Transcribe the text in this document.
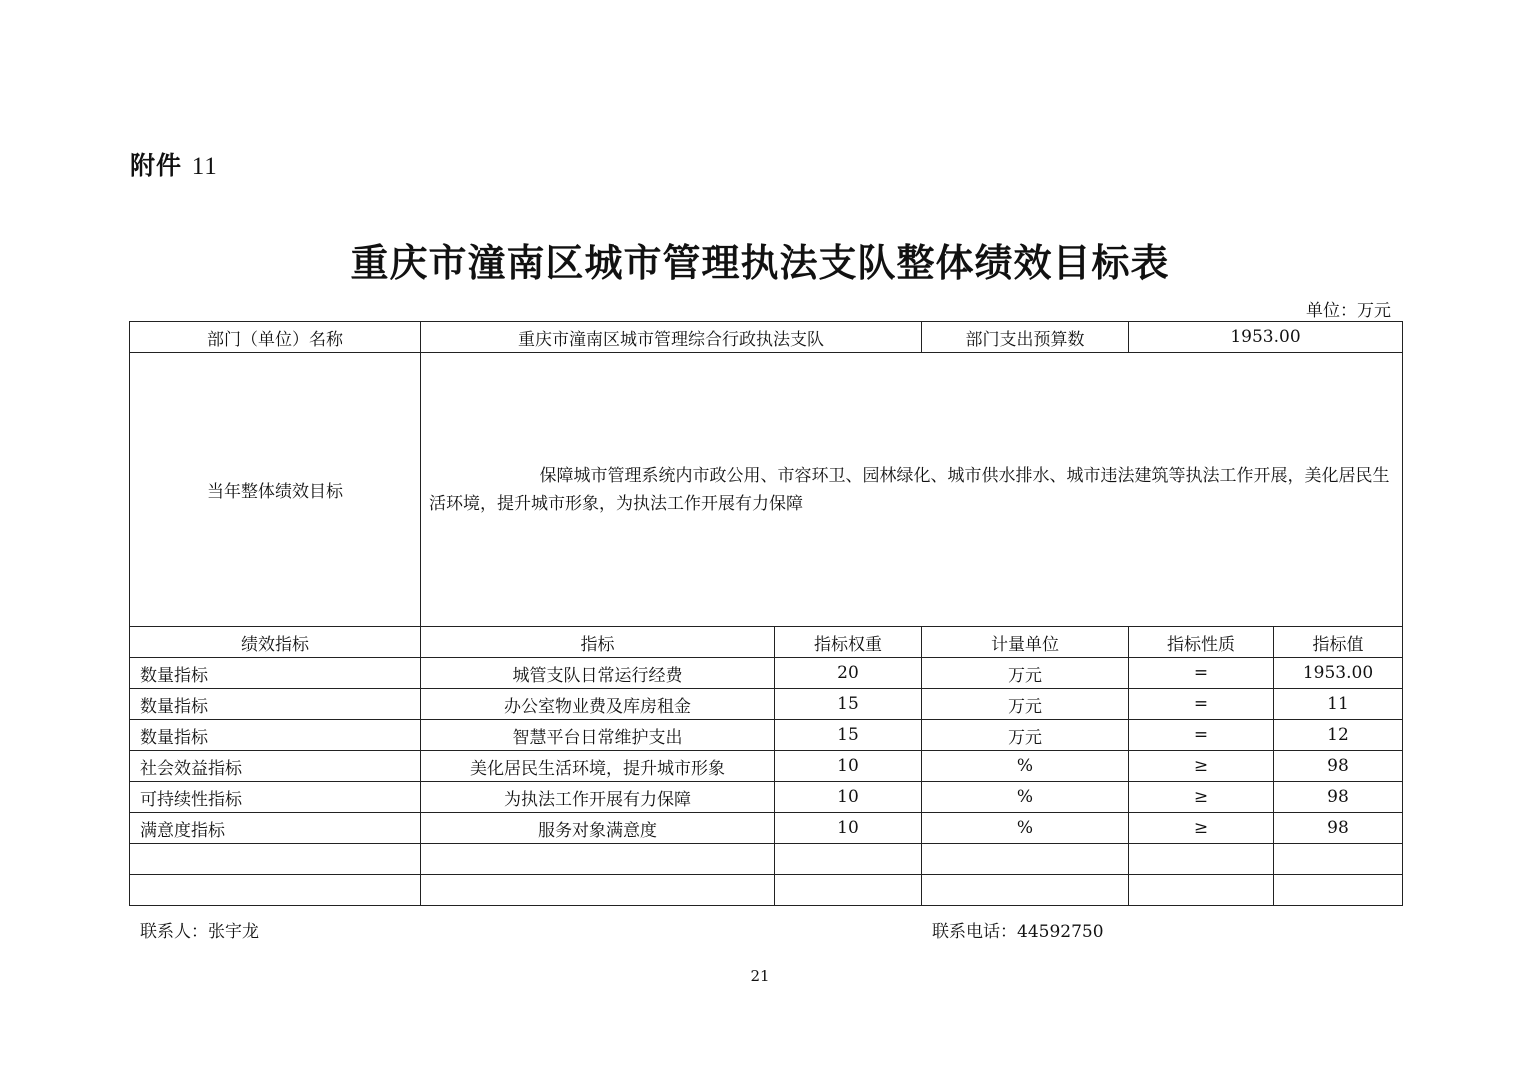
附件 11
重庆市潼南区城市管理执法支队整体绩效目标表
单位：万元
部门（单位）名称	重庆市潼南区城市管理综合行政执法支队		部门支出预算数	1953.00	
当年整体绩效目标	保障城市管理系统内市政公用、市容环卫、园林绿化、城市供水排水、城市违法建筑等执法工作开展，美化居民生活环境，提升城市形象，为执法工作开展有力保障				
绩效指标	指标	指标权重	计量单位	指标性质	指标值
数量指标	城管支队日常运行经费	20	万元	=	1953.00
数量指标	办公室物业费及库房租金	15	万元	=	11
数量指标	智慧平台日常维护支出	15	万元	=	12
社会效益指标	美化居民生活环境，提升城市形象	10	%	≥	98
可持续性指标	为执法工作开展有力保障	10	%	≥	98
满意度指标	服务对象满意度	10	%	≥	98

联系人：张宇龙	联系电话：44592750
21
